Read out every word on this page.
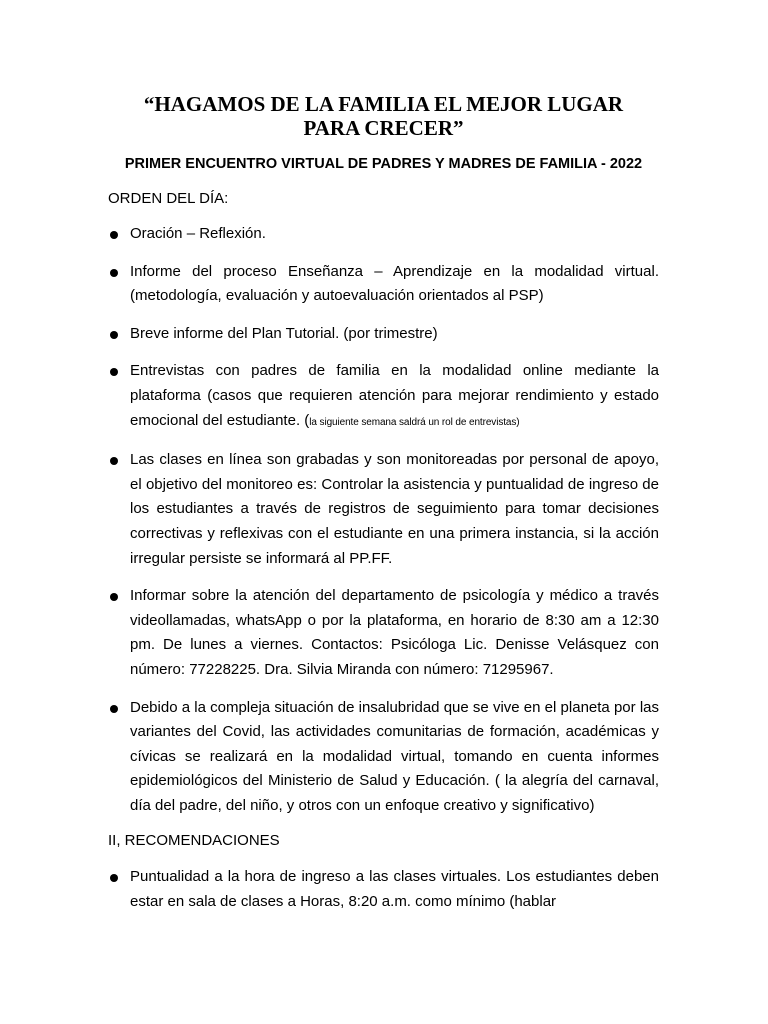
“HAGAMOS DE LA FAMILIA EL MEJOR LUGAR PARA CRECER”
PRIMER ENCUENTRO VIRTUAL DE PADRES Y MADRES DE FAMILIA - 2022

ORDEN DEL DÍA:

Oración – Reflexión.
Informe del proceso Enseñanza – Aprendizaje en la modalidad virtual. (metodología, evaluación y autoevaluación orientados al PSP)
Breve informe del Plan Tutorial. (por trimestre)
Entrevistas con padres de familia en la modalidad online mediante la plataforma (casos que requieren atención para mejorar rendimiento y estado emocional del estudiante. (la siguiente semana saldrá un rol de entrevistas)
Las clases en línea son grabadas y son monitoreadas por personal de apoyo, el objetivo del monitoreo es: Controlar la asistencia y puntualidad de ingreso de los estudiantes a través de registros de seguimiento para tomar decisiones correctivas y reflexivas con el estudiante en una primera instancia, si la acción irregular persiste se informará al PP.FF.
Informar sobre la atención del departamento de psicología y médico a través videollamadas, whatsApp o por la plataforma, en horario de 8:30 am a 12:30 pm. De lunes a viernes. Contactos: Psicóloga Lic. Denisse Velásquez con número: 77228225. Dra. Silvia Miranda con número: 71295967.
Debido a la compleja situación de insalubridad que se vive en el planeta por las variantes del Covid, las actividades comunitarias de formación, académicas y cívicas se realizará en la modalidad virtual, tomando en cuenta informes epidemiológicos del Ministerio de Salud y Educación. ( la alegría del carnaval, día del padre, del niño, y otros con un enfoque creativo y significativo)

II, RECOMENDACIONES

Puntualidad a la hora de ingreso a las clases virtuales. Los estudiantes deben estar en sala de clases a Horas, 8:20 a.m. como mínimo (hablar
